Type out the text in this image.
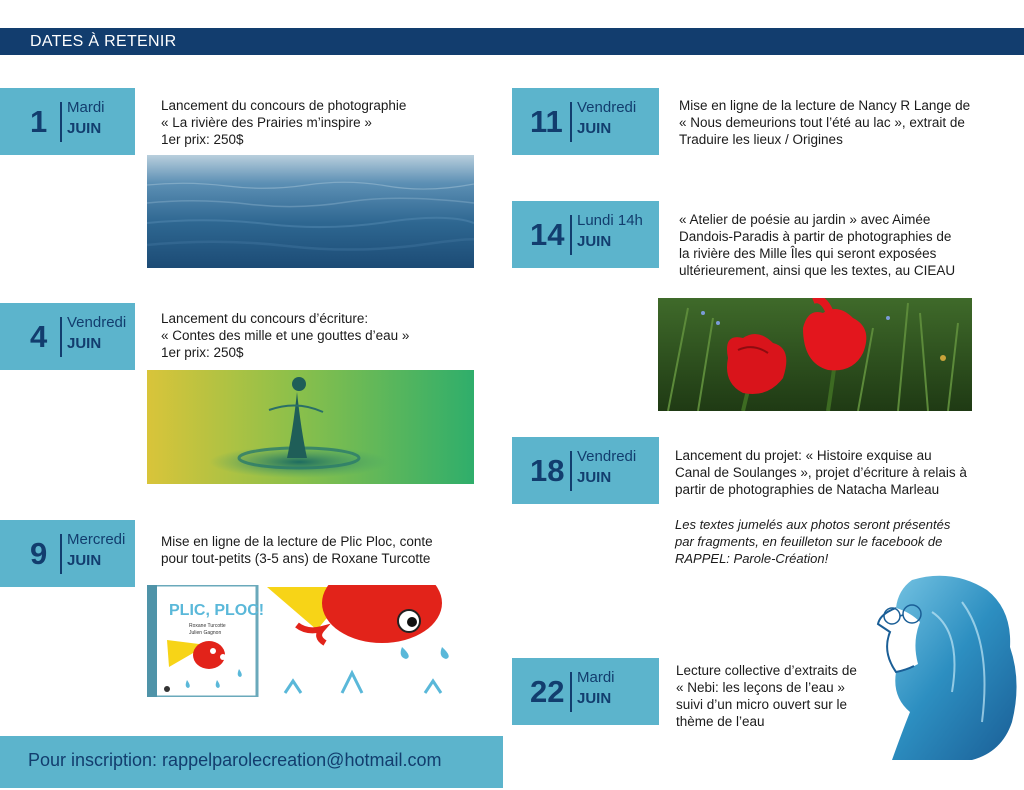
DATES À RETENIR
1 Mardi
JUIN
Lancement du concours de photographie
« La rivière des Prairies m’inspire »
1er prix: 250$
4 Vendredi
JUIN
Lancement du concours d’écriture:
« Contes des mille et une gouttes d’eau »
1er prix: 250$
9 Mercredi
JUIN
Mise en ligne de la lecture de Plic Ploc, conte
pour tout-petits (3-5 ans) de Roxane Turcotte
PLIC, PLOC!
Roxane Turcotte
Julien Gagnon
11 Vendredi
JUIN
Mise en ligne de la lecture de Nancy R Lange de
« Nous demeurions tout l’été au lac », extrait de
Traduire les lieux / Origines
14 Lundi 14h
JUIN
« Atelier de poésie au jardin » avec Aimée
Dandois-Paradis à partir de photographies de
la rivière des Mille Îles qui seront exposées
ultérieurement, ainsi que les textes, au CIEAU
18 Vendredi
JUIN
Lancement du projet: « Histoire exquise au
Canal de Soulanges », projet d’écriture à relais à
partir de photographies de Natacha Marleau
Les textes jumelés aux photos seront présentés
par fragments, en feuilleton sur le facebook de
RAPPEL: Parole-Création!
22 Mardi
JUIN
Lecture collective d’extraits de
« Nebi: les leçons de l’eau »
suivi d’un micro ouvert sur le
thème de l’eau
Pour inscription: rappelparolecreation@hotmail.com
